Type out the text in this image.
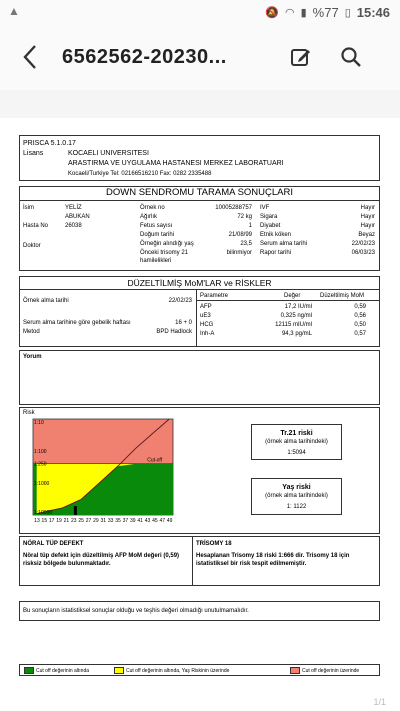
▲	🔕 ◠ ▮ %77 ▯ 15:46
6562562-20230...
PRISCA 5.1.0.17
Lisans	KOCAELI UNIVERSITESI
ARASTIRMA VE UYGULAMA HASTANESI MERKEZ LABORATUARI
Kocaeli/Turkiye Tel: 02166516210 Fax: 0282 2335488
DOWN SENDROMU TARAMA SONUÇLARI
İsim	YELİZ
ABUKAN
Hasta No	26038
Doktor
Örnek no	10005288757
Ağırlık	72 kg
Fetus sayısı	1
Doğum tarihi	21/08/99
Örneğin alındığı yaş	23,5
Önceki trisomy 21 hamilelikleri
bilinmiyor
IVF	Hayır
Sigara	Hayır
Diyabet	Hayır
Etnik köken	Beyaz
Serum alma tarihi	22/02/23
Rapor tarihi	06/03/23
DÜZELTİLMİŞ MoM'LAR ve RİSKLER
Örnek alma tarihi	22/02/23
Serum alma tarihine göre gebelik haftası	16 + 0
Metod	BPD Hadlock
Parametre	Değer	Düzeltilmiş MoM
AFP	17,2 IU/ml	0,59
uE3	0,325 ng/ml	0,56
HCG	12115 mIU/ml	0,50
Inh-A	94,3 pg/mL	0,57
Yorum
Risk
Cut-off
1:10
1:100
1:250
1:1000
1:10000
13 15 17 19 21 23 25 27 29 31 33 35 37 39 41 43 45 47 49
Tr.21 riski
(örnek alma tarihindeki)
1:5094
Yaş riski
(örnek alma tarihindeki)
1: 1122
NÖRAL TÜP DEFEKT
Nöral tüp defekt için düzeltilmiş AFP MoM değeri (0,59) risksiz bölgede bulunmaktadır.
TRİSOMY 18
Hesaplanan Trisomy 18 riski 1:666 dir. Trisomy 18 için istatistiksel bir risk tespit edilmemiştir.
Bu sonuçların istatistiksel sonuçlar olduğu ve teşhis değeri olmadığı unutulmamalıdır.
Cut off değerinin altında	Cut off değerinin altında, Yaş Riskinin üzerinde	Cut off değerinin üzerinde
1/1
